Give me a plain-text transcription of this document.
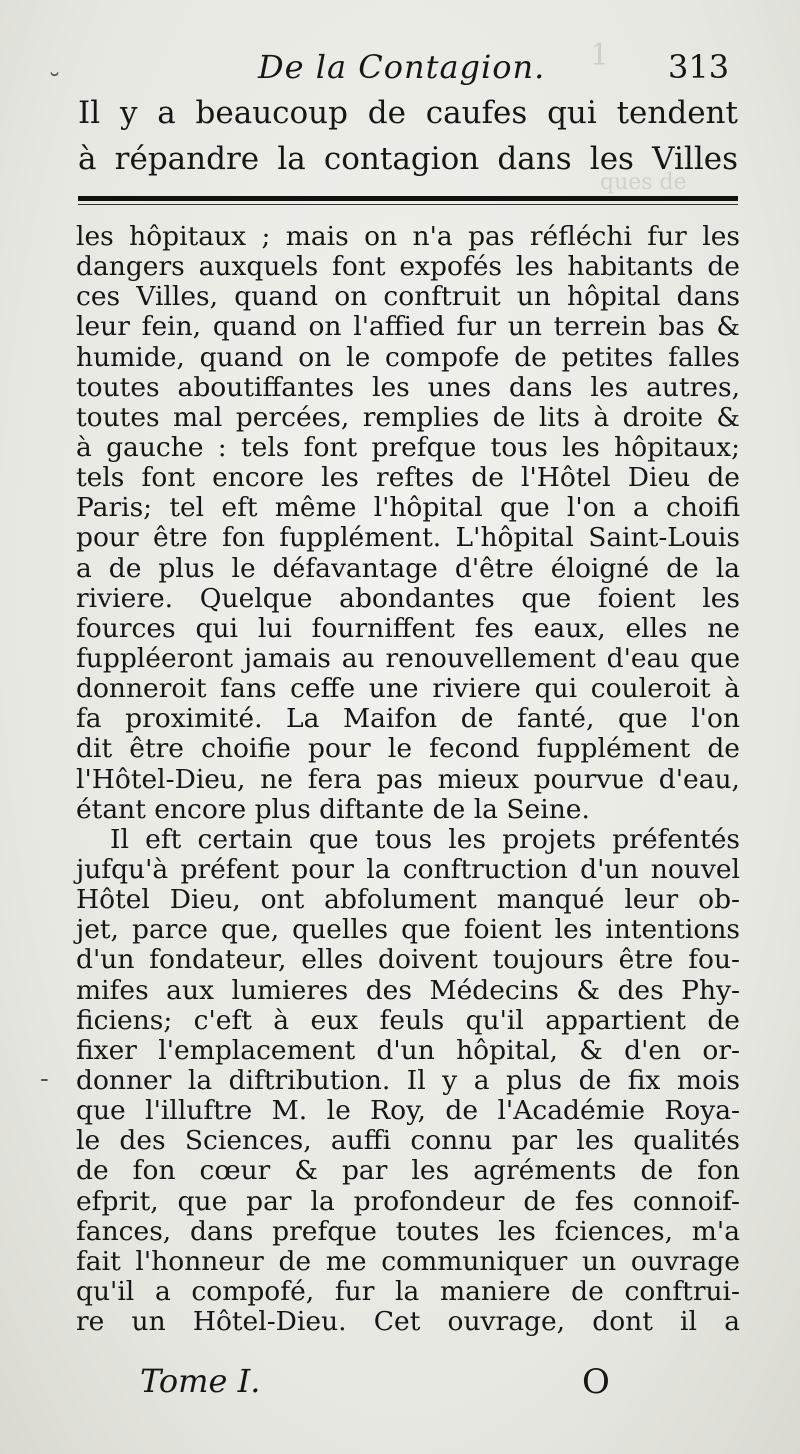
1
ques de
De la Contagion.	313
Il y a beaucoup de caufes qui tendent
à répandre la contagion dans les Villes
les hôpitaux ; mais on n'a pas réfléchi fur les
dangers auxquels font expofés les habitants de
ces Villes, quand on conftruit un hôpital dans
leur fein, quand on l'affied fur un terrein bas &
humide, quand on le compofe de petites falles
toutes aboutiffantes les unes dans les autres,
toutes mal percées, remplies de lits à droite &
à gauche : tels font prefque tous les hôpitaux;
tels font encore les reftes de l'Hôtel Dieu de
Paris; tel eft même l'hôpital que l'on a choifi
pour être fon fupplément. L'hôpital Saint-Louis
a de plus le défavantage d'être éloigné de la
riviere. Quelque abondantes que foient les
fources qui lui fourniffent fes eaux, elles ne
fuppléeront jamais au renouvellement d'eau que
donneroit fans ceffe une riviere qui couleroit à
fa proximité. La Maifon de fanté, que l'on
dit être choifie pour le fecond fupplément de
l'Hôtel-Dieu, ne fera pas mieux pourvue d'eau,
étant encore plus diftante de la Seine.
Il eft certain que tous les projets préfentés
jufqu'à préfent pour la conftruction d'un nouvel
Hôtel Dieu, ont abfolument manqué leur ob-
jet, parce que, quelles que foient les intentions
d'un fondateur, elles doivent toujours être fou-
mifes aux lumieres des Médecins & des Phy-
ficiens; c'eft à eux feuls qu'il appartient de
fixer l'emplacement d'un hôpital, & d'en or-
donner la diftribution. Il y a plus de fix mois
que l'illuftre M. le Roy, de l'Académie Roya-
le des Sciences, auffi connu par les qualités
de fon cœur & par les agréments de fon
efprit, que par la profondeur de fes connoif-
fances, dans prefque toutes les fciences, m'a
fait l'honneur de me communiquer un ouvrage
qu'il a compofé, fur la maniere de conftrui-
re un Hôtel-Dieu. Cet ouvrage, dont il a
-
˘
Tome I.	O
